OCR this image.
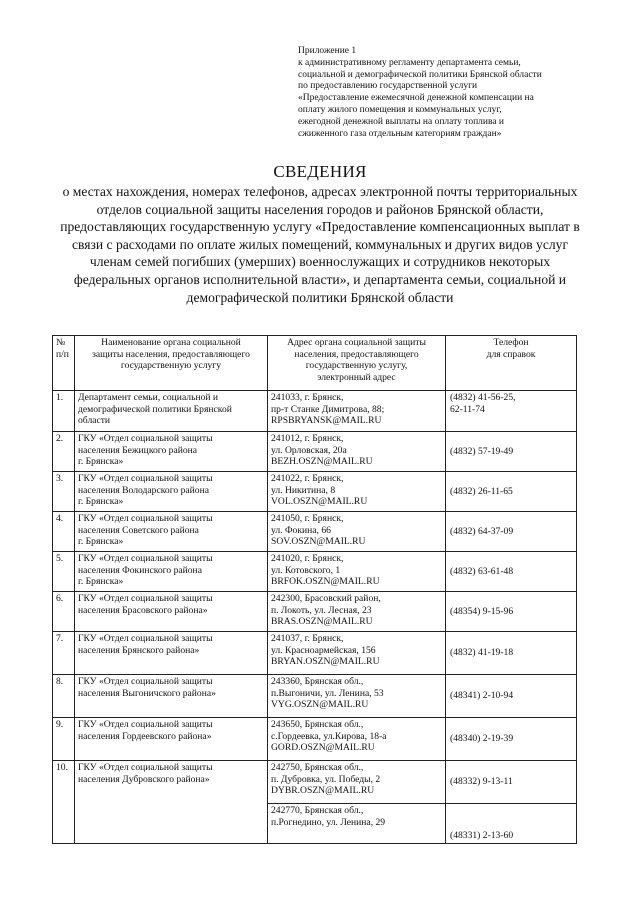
Приложение 1
к административному регламенту департамента семьи,
социальной и демографической политики Брянской области
по предоставлению государственной услуги
«Предоставление ежемесячной денежной компенсации на
оплату жилого помещения и коммунальных услуг,
ежегодной денежной выплаты на оплату топлива и
сжиженного газа отдельным категориям граждан»
СВЕДЕНИЯ

о местах нахождения, номерах телефонов, адресах электронной почты территориальных отделов социальной защиты населения городов и районов Брянской области, предоставляющих государственную услугу «Предоставление компенсационных выплат в связи с расходами по оплате жилых помещений, коммунальных и других видов услуг членам семей погибших (умерших) военнослужащих и сотрудников некоторых федеральных органов исполнительной власти», и департамента семьи, социальной и демографической политики Брянской области

№
п/п	Наименование органа социальной
защиты населения, предоставляющего
государственную услугу	Адрес органа социальной защиты
населения, предоставляющего
государственную услугу,
электронный адрес	Телефон
для справок

1.	Департамент семьи, социальной и
демографической политики Брянской
области	241033, г. Брянск,
пр-т Станке Димитрова, 88;
RPSBRYANSK@MAIL.RU	(4832) 41-56-25,
62-11-74

2.	ГКУ «Отдел социальной защиты
населения Бежицкого района
г. Брянска»	241012, г. Брянск,
ул. Орловская, 20а
BEZH.OSZN@MAIL.RU	(4832) 57-19-49

3.	ГКУ «Отдел социальной защиты
населения Володарского района
г. Брянска»	241022, г. Брянск,
ул. Никитина, 8
VOL.OSZN@MAIL.RU	(4832) 26-11-65

4.	ГКУ «Отдел социальной защиты
населения Советского района
г. Брянска»	241050, г. Брянск,
ул. Фокина, 66
SOV.OSZN@MAIL.RU	(4832) 64-37-09

5.	ГКУ «Отдел социальной защиты
населения Фокинского района
г. Брянска»	241020, г. Брянск,
ул. Котовского, 1
BRFOK.OSZN@MAIL.RU	(4832) 63-61-48

6.	ГКУ «Отдел социальной защиты
населения Брасовского района»	242300, Брасовский район,
п. Локоть, ул. Лесная, 23
BRAS.OSZN@MAIL.RU	(48354) 9-15-96

7.	ГКУ «Отдел социальной защиты
населения Брянского района»	241037, г. Брянск,
ул. Красноармейская, 156
BRYAN.OSZN@MAIL.RU	(4832) 41-19-18

8.	ГКУ «Отдел социальной защиты
населения Выгоничского района»	243360, Брянская обл.,
п.Выгоничи, ул. Ленина, 53
VYG.OSZN@MAIL.RU	(48341) 2-10-94

9.	ГКУ «Отдел социальной защиты
населения Гордеевского района»	243650, Брянская обл.,
с.Гордеевка, ул.Кирова, 18-а
GORD.OSZN@MAIL.RU	(48340) 2-19-39

10.	ГКУ «Отдел социальной защиты
населения Дубровского района»	242750, Брянская обл.,
п. Дубровка, ул. Победы, 2
DYBR.OSZN@MAIL.RU	(48332) 9-13-11

		242770, Брянская обл.,
п.Рогнедино, ул. Ленина, 29	(48331) 2-13-60
